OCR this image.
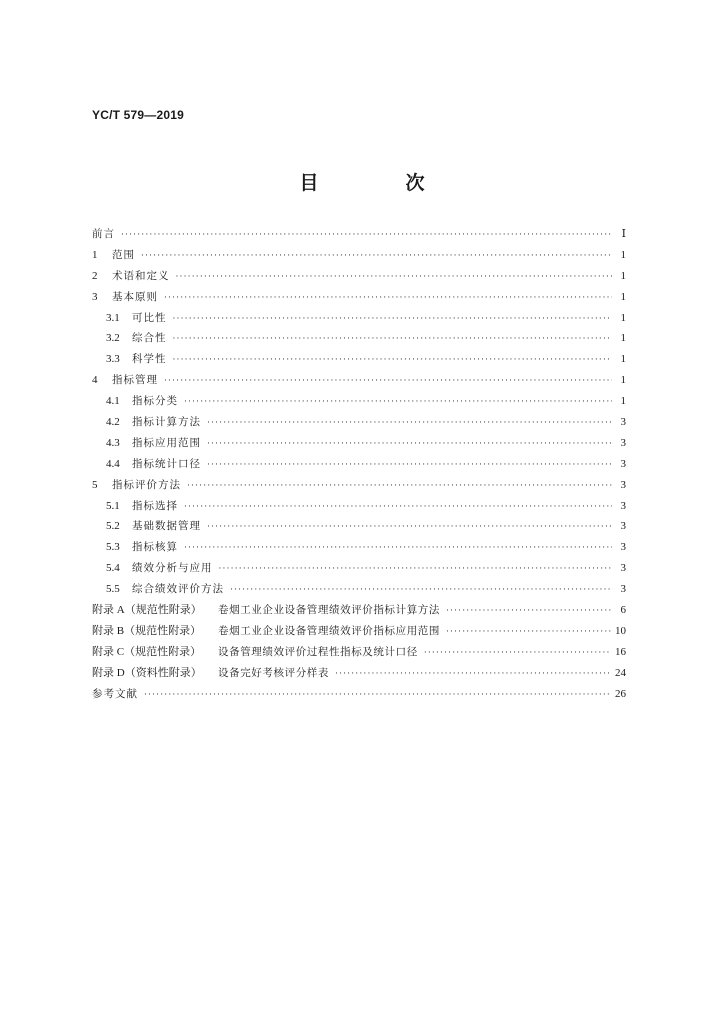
YC/T 579—2019
目　次
前言 ·····	Ⅰ
1	范围 ·····	1
2	术语和定义 ·····	1
3	基本原则 ·····	1
3.1	可比性 ·····	1
3.2	综合性 ·····	1
3.3	科学性 ·····	1
4	指标管理 ·····	1
4.1	指标分类 ·····	1
4.2	指标计算方法 ·····	3
4.3	指标应用范围 ·····	3
4.4	指标统计口径 ·····	3
5	指标评价方法 ·····	3
5.1	指标选择 ·····	3
5.2	基础数据管理 ·····	3
5.3	指标核算 ·····	3
5.4	绩效分析与应用 ·····	3
5.5	综合绩效评价方法 ·····	3
附录 A（规范性附录）	卷烟工业企业设备管理绩效评价指标计算方法 ·····	6
附录 B（规范性附录）	卷烟工业企业设备管理绩效评价指标应用范围 ·····	10
附录 C（规范性附录）	设备管理绩效评价过程性指标及统计口径 ·····	16
附录 D（资料性附录）	设备完好考核评分样表 ·····	24
参考文献 ·····	26
